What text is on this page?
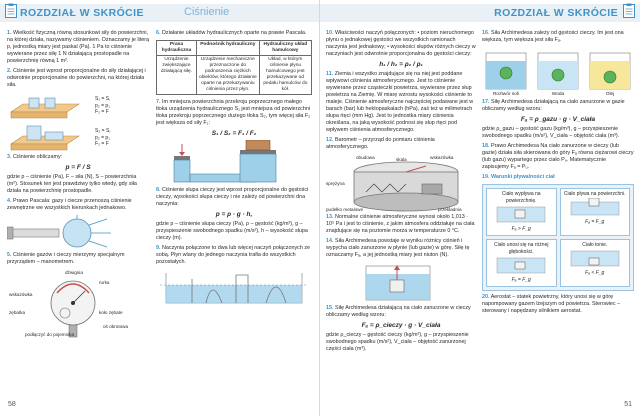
ROZDZIAŁ W SKRÓCIE	Ciśnienie

1. Wielkość fizyczną równą stosunkowi siły do powierzchni, na której działa, nazywamy ciśnieniem. Oznaczamy je literą p, jednostką miary jest paskal (Pa). 1 Pa to ciśnienie wywierane przez siłę 1 N działającą prostopadle na powierzchnię równą 1 m².

2. Ciśnienie jest wprost proporcjonalne do siły działającej i odwrotnie proporcjonalne do powierzchni, na której działa siła.

S₁ = S,
p₂ = p₁
F₂ = F
S₂ = S,
p₂ = p₁
F₂ = F

3. Ciśnienie obliczamy:

p = F / S

gdzie p – ciśnienie (Pa), F – siła (N), S – powierzchnia (m²). Stosunek ten jest prawdziwy tylko wtedy, gdy siła działa na powierzchnię prostopadle.

4. Prawo Pascala: gazy i ciecze przenoszą ciśnienie zewnętrzne we wszystkich kierunkach jednakowo.

5. Ciśnienie gazów i cieczy mierzymy specjalnym przyrządem – manometrem.

dźwignia
rurka
wskazówka
zębatka	koło zębate
podłączyć do pojemnika
oś obrotowa

6. Działanie układów hydraulicznych oparte na prawie Pascala.

Prasa hydrauliczna	Podnośnik hydrauliczny	Hydrauliczny układ hamulcowy
Urządzenie zwiększające działającą siłę.	Urządzenie mechaniczne przeznaczone do podnoszenia ciężkich obiektów, którego działanie oparte na przekazywaniu ciśnienia przez płyn.	Układ, w którym ciśnienie płynu hamulcowego jest przekazywane od pedału hamulców do kół.

7. Im mniejsza powierzchnia przekroju poprzecznego małego tłoka urządzenia hydraulicznego S₁ jest mniejsza od powierzchni tłoka przekroju poprzecznego dużego tłoka S₂, tym więcej siła F₂ jest większa od siły F₁:

S₁ / S₂ = F₁ / F₂

8. Ciśnienie słupa cieczy jest wprost proporcjonalne do gęstości cieczy, wysokości słupa cieczy i nie zależy od powierzchni dna naczynia:

p = ρ · g · h,

gdzie p – ciśnienie słupa cieczy (Pa), ρ – gęstość (kg/m³), g – przyspieszenie swobodnego spadku (m/s²), h – wysokość słupa cieczy (m).

9. Naczynia połączone to dwa lub więcej naczyń połączonych ze sobą. Płyn wlany do jednego naczynia trafia do wszystkich pozostałych.

58
ROZDZIAŁ W SKRÓCIE

10. Właściwości naczyń połączonych: • poziom nieruchomego płynu o jednakowej gęstości we wszystkich ramionach naczynia jest jednakowy; • wysokości słupów różnych cieczy w naczyniach jest odwrotnie proporcjonalna do gęstości cieczy:

h₁ / h₂ = ρ₂ / ρ₁

11. Ziemia i wszystko znajdujące się na niej jest poddane wpływowi ciśnienia atmosferycznego. Jest to ciśnienie wywierane przez cząsteczki powietrza, wywierane przez słup powietrza na Ziemię. W miarę wzrostu wysokości ciśnienie to maleje. Ciśnienie atmosferyczne najczęściej podawane jest w barach (bar) lub hektopaskalach (hPa), zaś też w milimetrach słupa rtęci (mm Hg). Jest to jednostka miary ciśnienia określana, na jaką wysokość podnosi się słup rtęci pod wpływem ciśnienia atmosferycznego.

12. Barometr – przyrząd do pomiaru ciśnienia atmosferycznego.

obudowa	wskazówka
skala
sprężyna
pudełko metalowe	przekładnia

13. Normalne ciśnienie atmosferyczne wynosi około 1,013 · 10⁵ Pa i jest to ciśnienie, z jakim atmosfera oddziałuje na ciała znajdujące się na poziomie morza w temperaturze 0 °C.

14. Siła Archimedesa powstaje w wyniku różnicy ciśnień i wypycha ciało zanurzone w płynie (lub gazie) w górę. Siłę tę oznaczamy Fₐ, a jej jednostką miary jest niuton (N).

15. Siłę Archimedesa działającą na ciało zanurzone w cieczy obliczamy według wzoru:

Fₐ = ρ_cieczy · g · V_ciała

gdzie ρ_cieczy – gęstość cieczy (kg/m³), g – przyspieszenie swobodnego spadku (m/s²), V_ciała – objętość zanurzonej części ciała (m³).

16. Siła Archimedesa zależy od gęstości cieczy. Im jest ona większa, tym większa jest siła Fₐ.

Roztwór soli	Woda	Olej

17. Siłę Archimedesa działającą na ciało zanurzone w gazie obliczamy według wzoru:

Fₐ = ρ_gazu · g · V_ciała

gdzie ρ_gazu – gęstość gazu (kg/m³), g – przyspieszenie swobodnego spadku (m/s²), V_ciała – objętość ciała (m³).

18. Prawo Archimedesa Na ciało zanurzone w cieczy (lub gazie) działa siła skierowana do góry Fₐ równa ciężarowi cieczy (lub gazu) wypartego przez ciało Pᵤ. Matematycznie zapisujemy Fₐ = Pᵤ.

19. Warunki pływalności ciał

Ciało wypływa na powierzchnię.
Fₐ > F_g
Ciało pływa na powierzchni.
Fₐ = F_g
Ciało unosi się na różnej głębokości.
Fₐ = F_g
Ciało tonie.
Fₐ < F_g

20. Aerostat – statek powietrzny, który unosi się w górę napompowany gazem lżejszym od powietrza. Sterowiec – sterowany i napędzany silnikiem aerostat.

51
